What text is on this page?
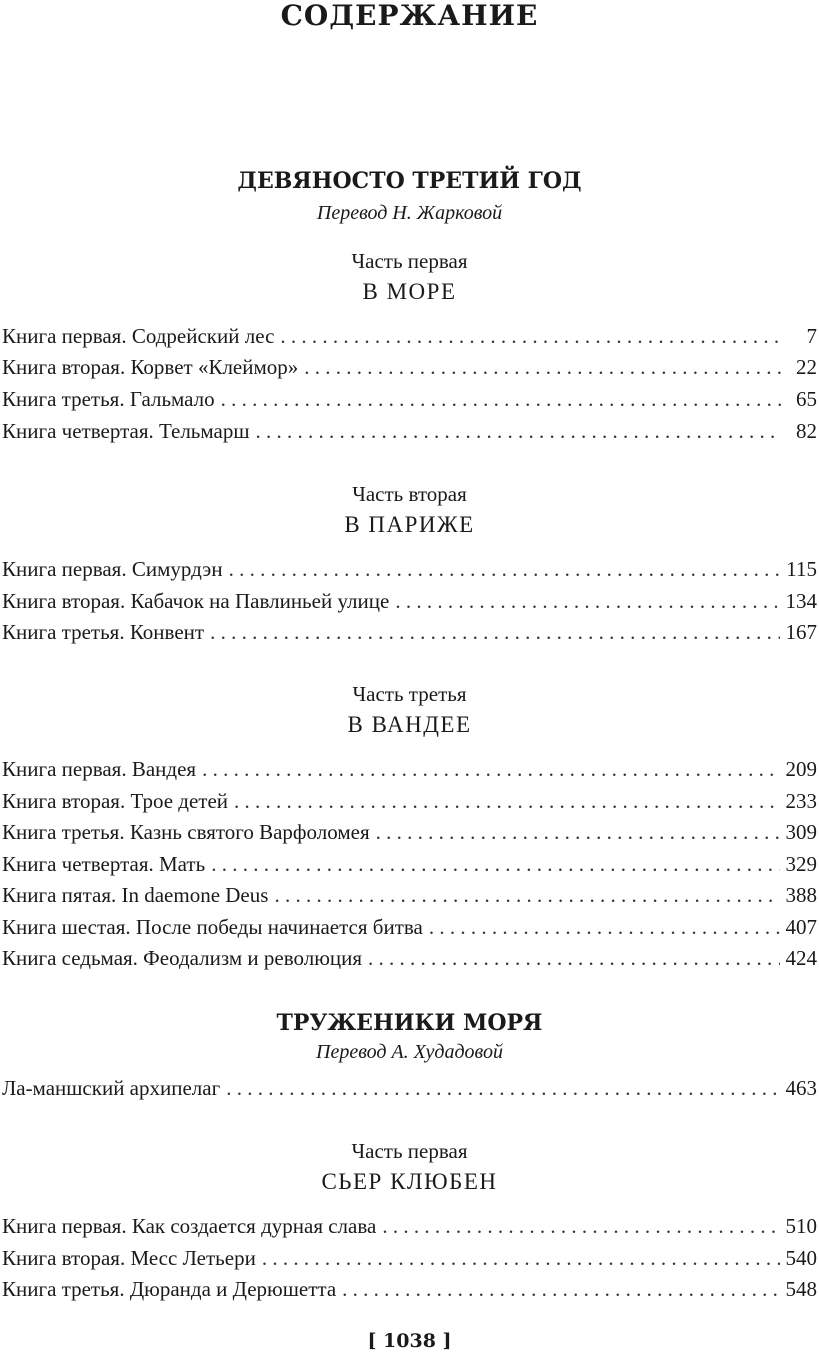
СОДЕРЖАНИЕ
ДЕВЯНОСТО ТРЕТИЙ ГОД
Перевод Н. Жарковой
Часть первая
В МОРЕ
Книга первая. Содрейский лес . . .	7
Книга вторая. Корвет «Клеймор» . . .	22
Книга третья. Гальмало . . .	65
Книга четвертая. Тельмарш . . .	82
Часть вторая
В ПАРИЖЕ
Книга первая. Симурдэн . . .	115
Книга вторая. Кабачок на Павлиньей улице . . .	134
Книга третья. Конвент . . .	167
Часть третья
В ВАНДЕЕ
Книга первая. Вандея . . .	209
Книга вторая. Трое детей . . .	233
Книга третья. Казнь святого Варфоломея . . .	309
Книга четвертая. Мать . . .	329
Книга пятая. In daemone Deus . . .	388
Книга шестая. После победы начинается битва . . .	407
Книга седьмая. Феодализм и революция . . .	424
ТРУЖЕНИКИ МОРЯ
Перевод А. Худадовой
Ла-маншский архипелаг . . .	463
Часть первая
СЬЕР КЛЮБЕН
Книга первая. Как создается дурная слава . . .	510
Книга вторая. Месс Летьери . . .	540
Книга третья. Дюранда и Дерюшетта . . .	548
[ 1038 ]
